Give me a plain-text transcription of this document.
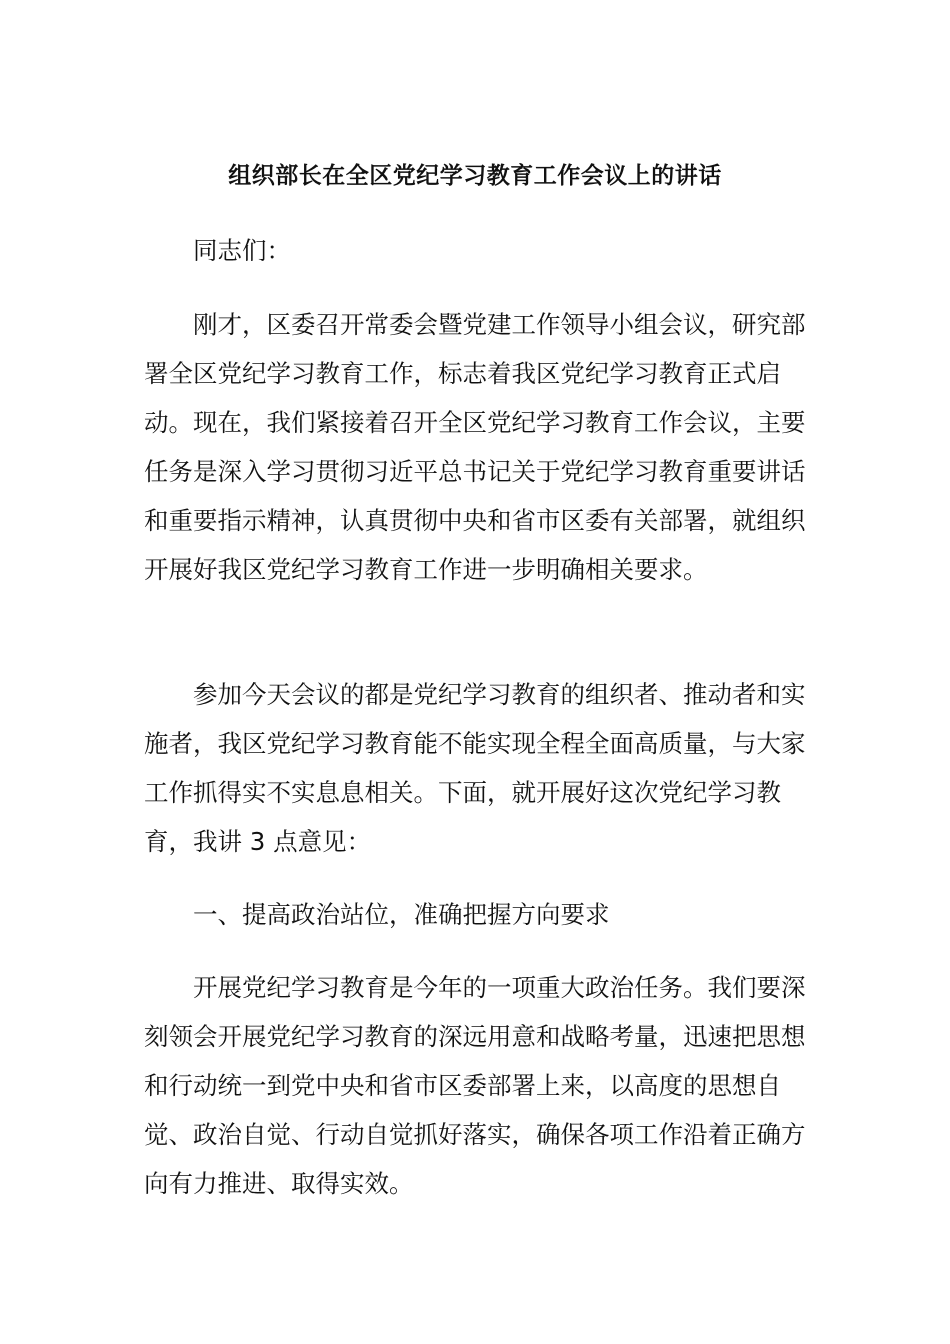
组织部长在全区党纪学习教育工作会议上的讲话

同志们：

刚才，区委召开常委会暨党建工作领导小组会议，研究部署全区党纪学习教育工作，标志着我区党纪学习教育正式启动。现在，我们紧接着召开全区党纪学习教育工作会议，主要任务是深入学习贯彻习近平总书记关于党纪学习教育重要讲话和重要指示精神，认真贯彻中央和省市区委有关部署，就组织开展好我区党纪学习教育工作进一步明确相关要求。

参加今天会议的都是党纪学习教育的组织者、推动者和实施者，我区党纪学习教育能不能实现全程全面高质量，与大家工作抓得实不实息息相关。下面，就开展好这次党纪学习教育，我讲 3 点意见：

一、提高政治站位，准确把握方向要求

开展党纪学习教育是今年的一项重大政治任务。我们要深刻领会开展党纪学习教育的深远用意和战略考量，迅速把思想和行动统一到党中央和省市区委部署上来，以高度的思想自觉、政治自觉、行动自觉抓好落实，确保各项工作沿着正确方向有力推进、取得实效。
